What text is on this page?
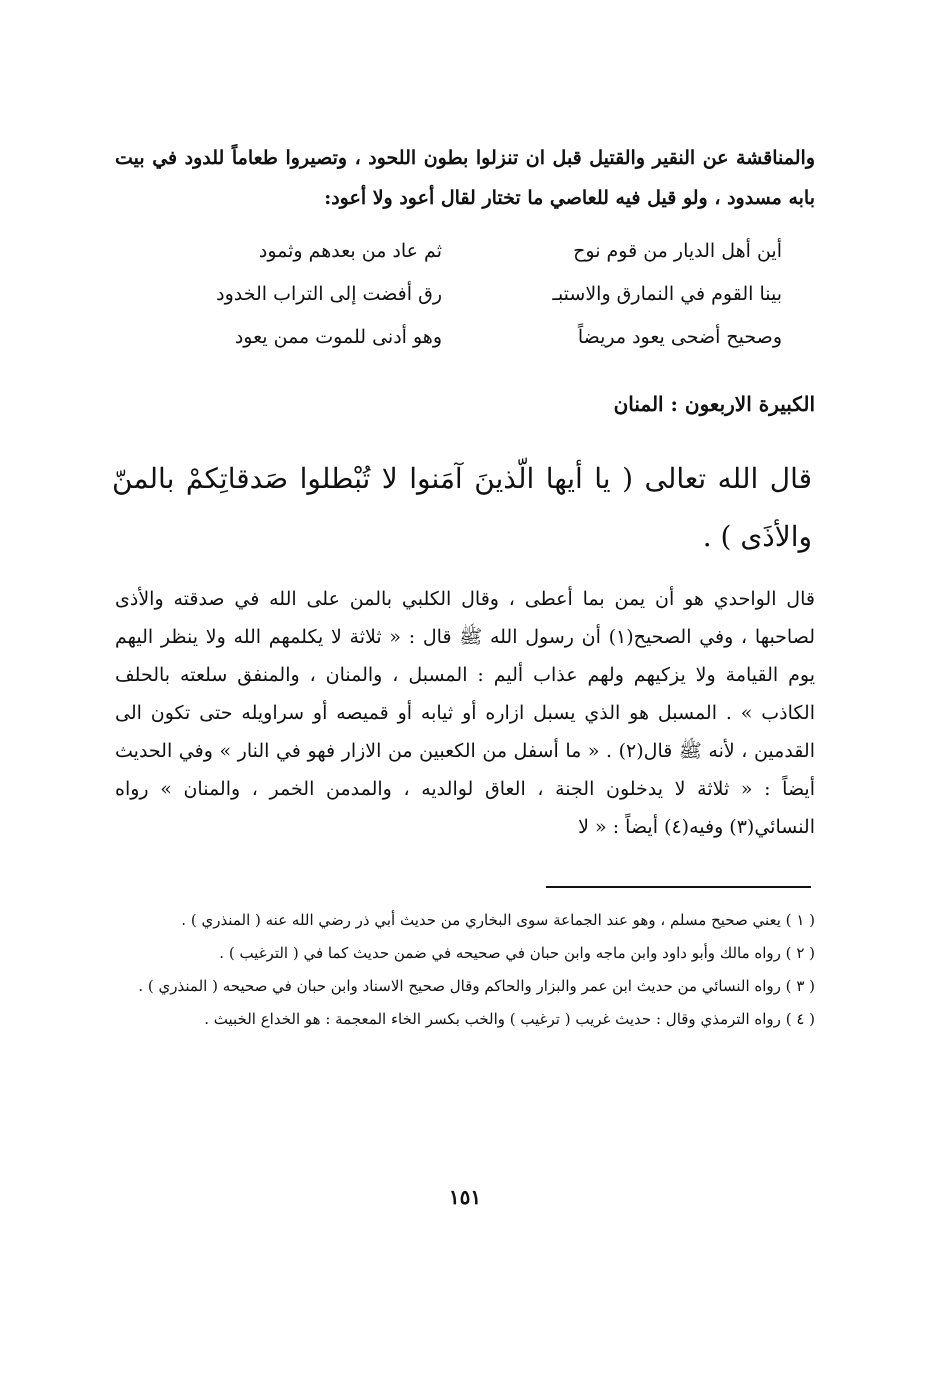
والمناقشة عن النقير والقتيل قبل ان تنزلوا بطون اللحود ، وتصيروا طعاماً للدود في بيت بابه مسدود ، ولو قيل فيه للعاصي ما تختار لقال أعود ولا أعود:
أين أهل الديار من قوم نوح
ثم عاد من بعدهم وثمود
بينا القوم في النمارق والاستبـ
رق أفضت إلى التراب الخدود
وصحيح أضحى يعود مريضاً
وهو أدنى للموت ممن يعود
الكبيرة الاربعون : المنان
قال الله تعالى ( يا أيها الّذينَ آمَنوا لا تُبْطلوا صَدقاتِكمْ بالمنّ والأذَى ) .
قال الواحدي هو أن يمن بما أعطى ، وقال الكلبي بالمن على الله في صدقته والأذى لصاحبها ، وفي الصحيح(١) أن رسول الله ﷺ قال : « ثلاثة لا يكلمهم الله ولا ينظر اليهم يوم القيامة ولا يزكيهم ولهم عذاب أليم : المسبل ، والمنان ، والمنفق سلعته بالحلف الكاذب » . المسبل هو الذي يسبل ازاره أو ثيابه أو قميصه أو سراويله حتى تكون الى القدمين ، لأنه ﷺ قال(٢) . « ما أسفل من الكعبين من الازار فهو في النار » وفي الحديث أيضاً : « ثلاثة لا يدخلون الجنة ، العاق لوالديه ، والمدمن الخمر ، والمنان » رواه النسائي(٣) وفيه(٤) أيضاً : « لا

( ١ ) يعني صحيح مسلم ، وهو عند الجماعة سوى البخاري من حديث أبي ذر رضي الله عنه ( المنذري ) .

( ٢ ) رواه مالك وأبو داود وابن ماجه وابن حبان في صحيحه في ضمن حديث كما في ( الترغيب ) .

( ٣ ) رواه النسائي من حديث ابن عمر والبزار والحاكم وقال صحيح الاسناد وابن حبان في صحيحه ( المنذري ) .

( ٤ ) رواه الترمذي وقال : حديث غريب ( ترغيب ) والخب بكسر الخاء المعجمة : هو الخداع الخبيث .

١٥١
